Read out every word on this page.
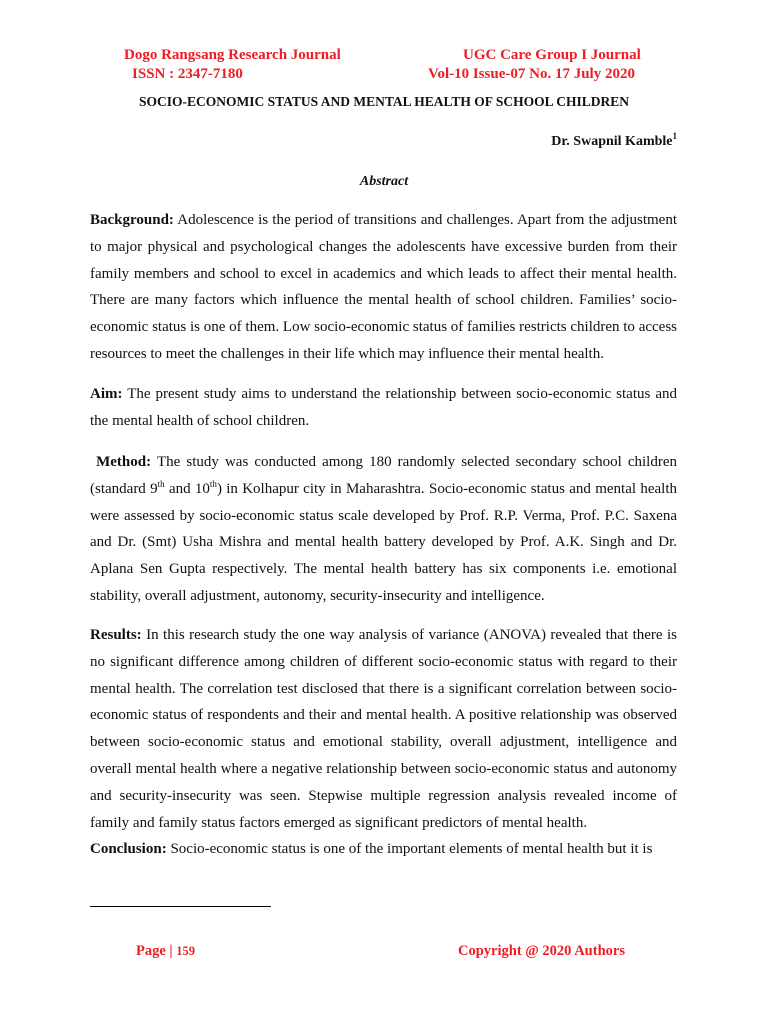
Dogo Rangsang Research Journal
ISSN : 2347-7180
UGC Care Group I Journal
Vol-10 Issue-07 No. 17 July 2020
SOCIO-ECONOMIC STATUS AND MENTAL HEALTH OF SCHOOL CHILDREN
Dr. Swapnil Kamble$^1$
Abstract
Background: Adolescence is the period of transitions and challenges. Apart from the adjustment to major physical and psychological changes the adolescents have excessive burden from their family members and school to excel in academics and which leads to affect their mental health. There are many factors which influence the mental health of school children. Families’ socio-economic status is one of them. Low socio-economic status of families restricts children to access resources to meet the challenges in their life which may influence their mental health.
Aim: The present study aims to understand the relationship between socio-economic status and the mental health of school children.
Method: The study was conducted among 180 randomly selected secondary school children (standard 9th and 10th) in Kolhapur city in Maharashtra. Socio-economic status and mental health were assessed by socio-economic status scale developed by Prof. R.P. Verma, Prof. P.C. Saxena and Dr. (Smt) Usha Mishra and mental health battery developed by Prof. A.K. Singh and Dr. Aplana Sen Gupta respectively. The mental health battery has six components i.e. emotional stability, overall adjustment, autonomy, security-insecurity and intelligence.
Results: In this research study the one way analysis of variance (ANOVA) revealed that there is no significant difference among children of different socio-economic status with regard to their mental health. The correlation test disclosed that there is a significant correlation between socio-economic status of respondents and their and mental health. A positive relationship was observed between socio-economic status and emotional stability, overall adjustment, intelligence and overall mental health where a negative relationship between socio-economic status and autonomy and security-insecurity was seen. Stepwise multiple regression analysis revealed income of family and family status factors emerged as significant predictors of mental health.
Conclusion: Socio-economic status is one of the important elements of mental health but it is
Page | 159	Copyright @ 2020 Authors
